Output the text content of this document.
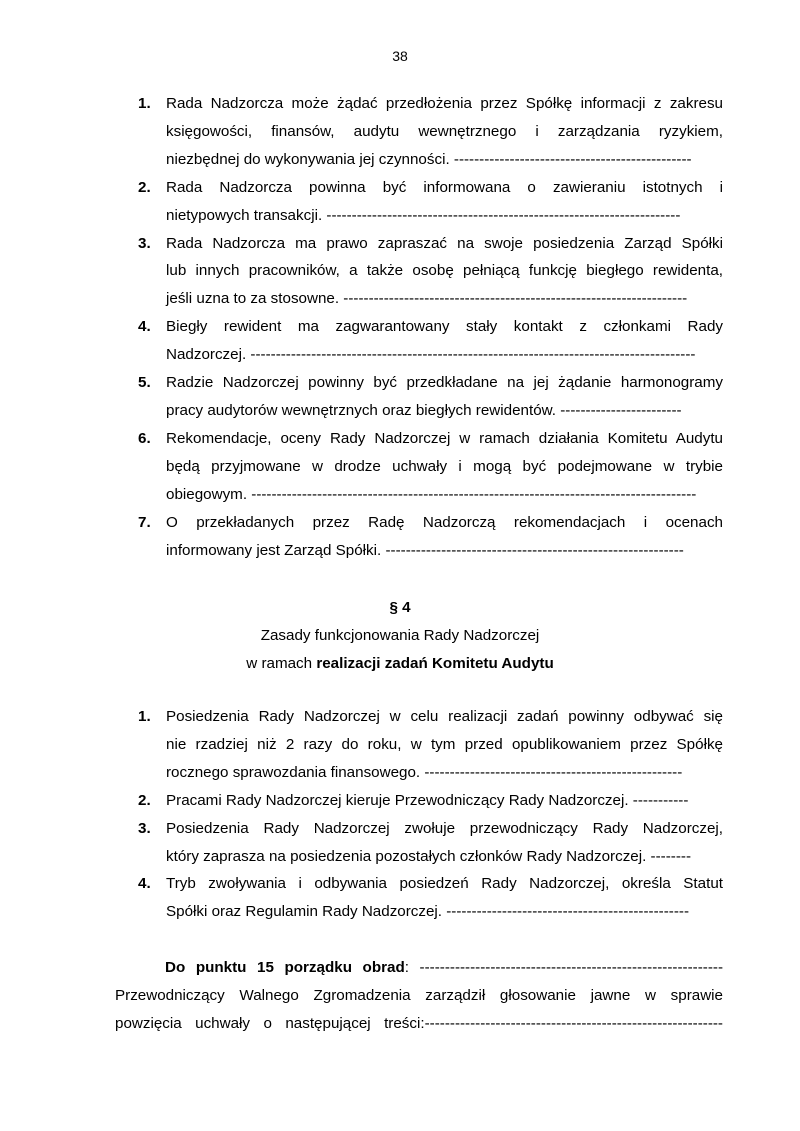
38
1. Rada Nadzorcza może żądać przedłożenia przez Spółkę informacji z zakresu
księgowości, finansów, audytu wewnętrznego i zarządzania ryzykiem,
niezbędnej do wykonywania jej czynności. -----------------------------------------------
2. Rada Nadzorcza powinna być informowana o zawieraniu istotnych i
nietypowych transakcji. ----------------------------------------------------------------------
3. Rada Nadzorcza ma prawo zapraszać na swoje posiedzenia Zarząd Spółki
lub innych pracowników, a także osobę pełniącą funkcję biegłego rewidenta,
jeśli uzna to za stosowne. --------------------------------------------------------------------
4. Biegły rewident ma zagwarantowany stały kontakt z członkami Rady
Nadzorczej. ----------------------------------------------------------------------------------------
5. Radzie Nadzorczej powinny być przedkładane na jej żądanie harmonogramy
pracy audytorów wewnętrznych oraz biegłych rewidentów. ------------------------
6. Rekomendacje, oceny Rady Nadzorczej w ramach działania Komitetu Audytu
będą przyjmowane w drodze uchwały i mogą być podejmowane w trybie
obiegowym. ----------------------------------------------------------------------------------------
7. O przekładanych przez Radę Nadzorczą rekomendacjach i ocenach
informowany jest Zarząd Spółki. -----------------------------------------------------------
§ 4
Zasady funkcjonowania Rady Nadzorczej
w ramach realizacji zadań Komitetu Audytu
1. Posiedzenia Rady Nadzorczej w celu realizacji zadań powinny odbywać się
nie rzadziej niż 2 razy do roku, w tym przed opublikowaniem przez Spółkę
rocznego sprawozdania finansowego. ---------------------------------------------------
2. Pracami Rady Nadzorczej kieruje Przewodniczący Rady Nadzorczej. -----------
3. Posiedzenia Rady Nadzorczej zwołuje przewodniczący Rady Nadzorczej,
który zaprasza na posiedzenia pozostałych członków Rady Nadzorczej. --------
4. Tryb zwoływania i odbywania posiedzeń Rady Nadzorczej, określa Statut
Spółki oraz Regulamin Rady Nadzorczej. ------------------------------------------------
Do punktu 15 porządku obrad: ------------------------------------------------------------
Przewodniczący Walnego Zgromadzenia zarządził głosowanie jawne w sprawie
powzięcia uchwały o następującej treści:-----------------------------------------------------------
